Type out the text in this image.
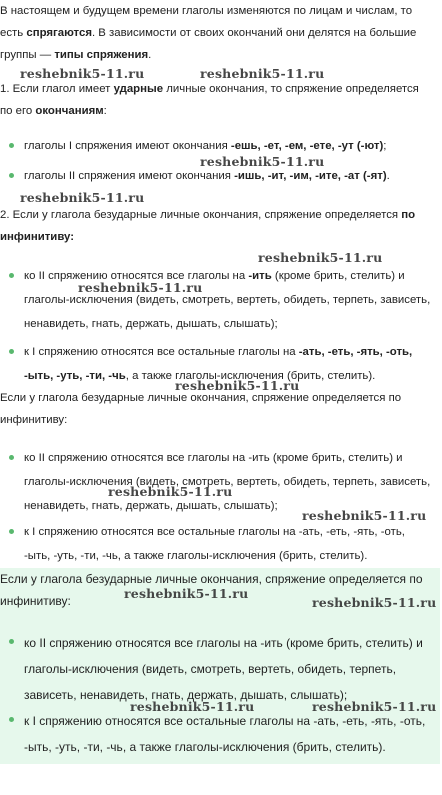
В настоящем и будущем времени глаголы изменяются по лицам и числам, то есть спрягаются. В зависимости от своих окончаний они делятся на большие группы — типы спряжения.

1. Если глагол имеет ударные личные окончания, то спряжение определяется по его окончаниям:

глаголы I спряжения имеют окончания -ешь, -ет, -ем, -ете, -ут (-ют);
глаголы II спряжения имеют окончания -ишь, -ит, -им, -ите, -ат (-ят).

2. Если у глагола безударные личные окончания, спряжение определяется по инфинитиву:

ко II спряжению относятся все глаголы на -ить (кроме брить, стелить) и глаголы-исключения (видеть, смотреть, вертеть, обидеть, терпеть, зависеть, ненавидеть, гнать, держать, дышать, слышать);
к I спряжению относятся все остальные глаголы на -ать, -еть, -ять, -оть, -ыть, -уть, -ти, -чь, а также глаголы-исключения (брить, стелить).

Если у глагола безударные личные окончания, спряжение определяется по инфинитиву:

ко II спряжению относятся все глаголы на -ить (кроме брить, стелить) и глаголы-исключения (видеть, смотреть, вертеть, обидеть, терпеть, зависеть, ненавидеть, гнать, держать, дышать, слышать);
к I спряжению относятся все остальные глаголы на -ать, -еть, -ять, -оть, -ыть, -уть, -ти, -чь, а также глаголы-исключения (брить, стелить).

Если у глагола безударные личные окончания, спряжение определяется по инфинитиву:

ко II спряжению относятся все глаголы на -ить (кроме брить, стелить) и глаголы-исключения (видеть, смотреть, вертеть, обидеть, терпеть, зависеть, ненавидеть, гнать, держать, дышать, слышать);
к I спряжению относятся все остальные глаголы на -ать, -еть, -ять, -оть, -ыть, -уть, -ти, -чь, а также глаголы-исключения (брить, стелить).
reshebnik5-11.ru	reshebnik5-11.ru
reshebnik5-11.ru
reshebnik5-11.ru
reshebnik5-11.ru
reshebnik5-11.ru
reshebnik5-11.ru
reshebnik5-11.ru
reshebnik5-11.ru
reshebnik5-11.ru
reshebnik5-11.ru
reshebnik5-11.ru	reshebnik5-11.ru
